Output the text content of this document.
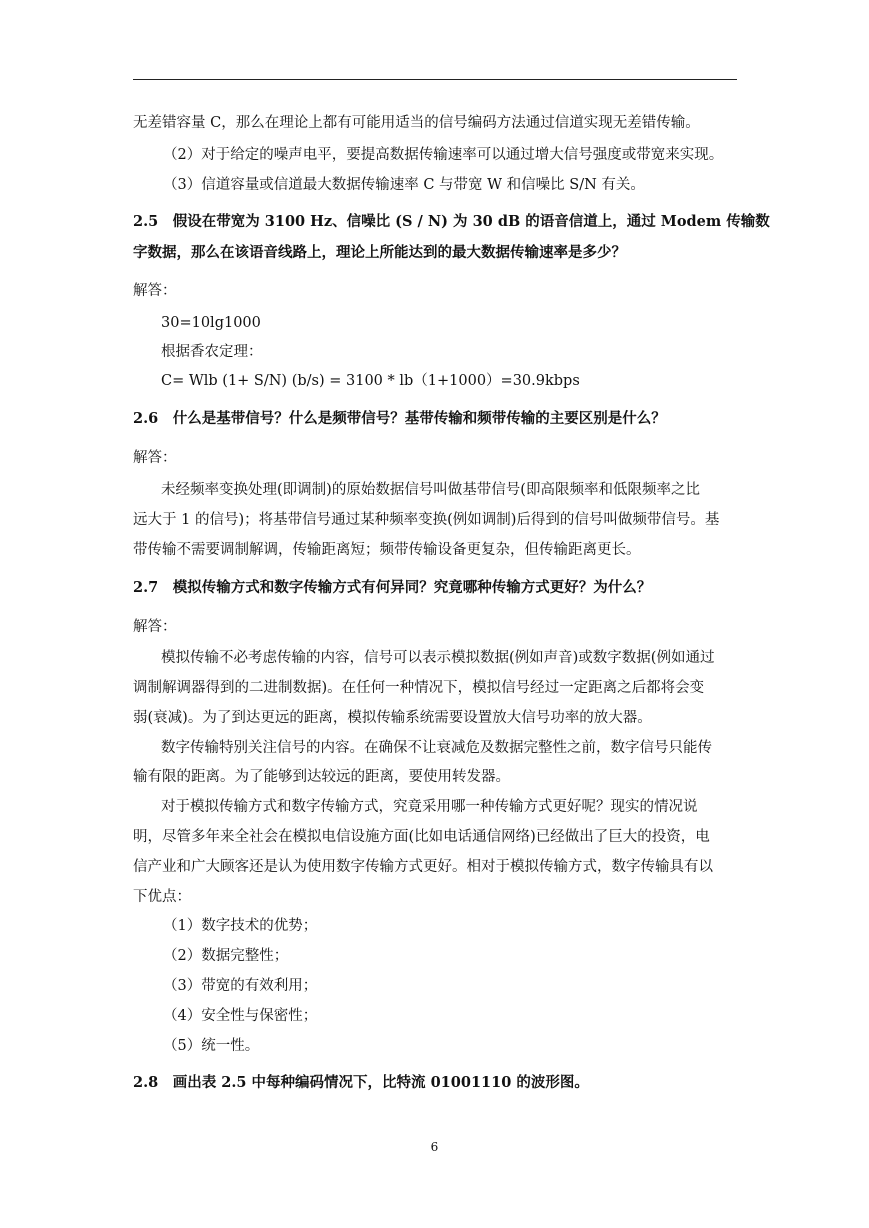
无差错容量 C，那么在理论上都有可能用适当的信号编码方法通过信道实现无差错传输。
（2）对于给定的噪声电平，要提高数据传输速率可以通过增大信号强度或带宽来实现。
（3）信道容量或信道最大数据传输速率 C 与带宽 W 和信噪比 S/N 有关。
2.5　假设在带宽为 3100 Hz、信噪比 (S / N) 为 30 dB 的语音信道上，通过 Modem 传输数
字数据，那么在该语音线路上，理论上所能达到的最大数据传输速率是多少？
解答：
30=10lg1000
根据香农定理：
C= Wlb (1+ S/N) (b/s) = 3100 * lb（1+1000）=30.9kbps
2.6　什么是基带信号？什么是频带信号？基带传输和频带传输的主要区别是什么？
解答：
未经频率变换处理(即调制)的原始数据信号叫做基带信号(即高限频率和低限频率之比
远大于 1 的信号)；将基带信号通过某种频率变换(例如调制)后得到的信号叫做频带信号。基
带传输不需要调制解调，传输距离短；频带传输设备更复杂，但传输距离更长。
2.7　模拟传输方式和数字传输方式有何异同？究竟哪种传输方式更好？为什么？
解答：
模拟传输不必考虑传输的内容，信号可以表示模拟数据(例如声音)或数字数据(例如通过
调制解调器得到的二进制数据)。在任何一种情况下，模拟信号经过一定距离之后都将会变
弱(衰减)。为了到达更远的距离，模拟传输系统需要设置放大信号功率的放大器。
数字传输特别关注信号的内容。在确保不让衰减危及数据完整性之前，数字信号只能传
输有限的距离。为了能够到达较远的距离，要使用转发器。
对于模拟传输方式和数字传输方式，究竟采用哪一种传输方式更好呢？现实的情况说
明，尽管多年来全社会在模拟电信设施方面(比如电话通信网络)已经做出了巨大的投资，电
信产业和广大顾客还是认为使用数字传输方式更好。相对于模拟传输方式，数字传输具有以
下优点：
（1）数字技术的优势；
（2）数据完整性；
（3）带宽的有效利用；
（4）安全性与保密性；
（5）统一性。
2.8　画出表 2.5 中每种编码情况下，比特流 01001110 的波形图。
6
